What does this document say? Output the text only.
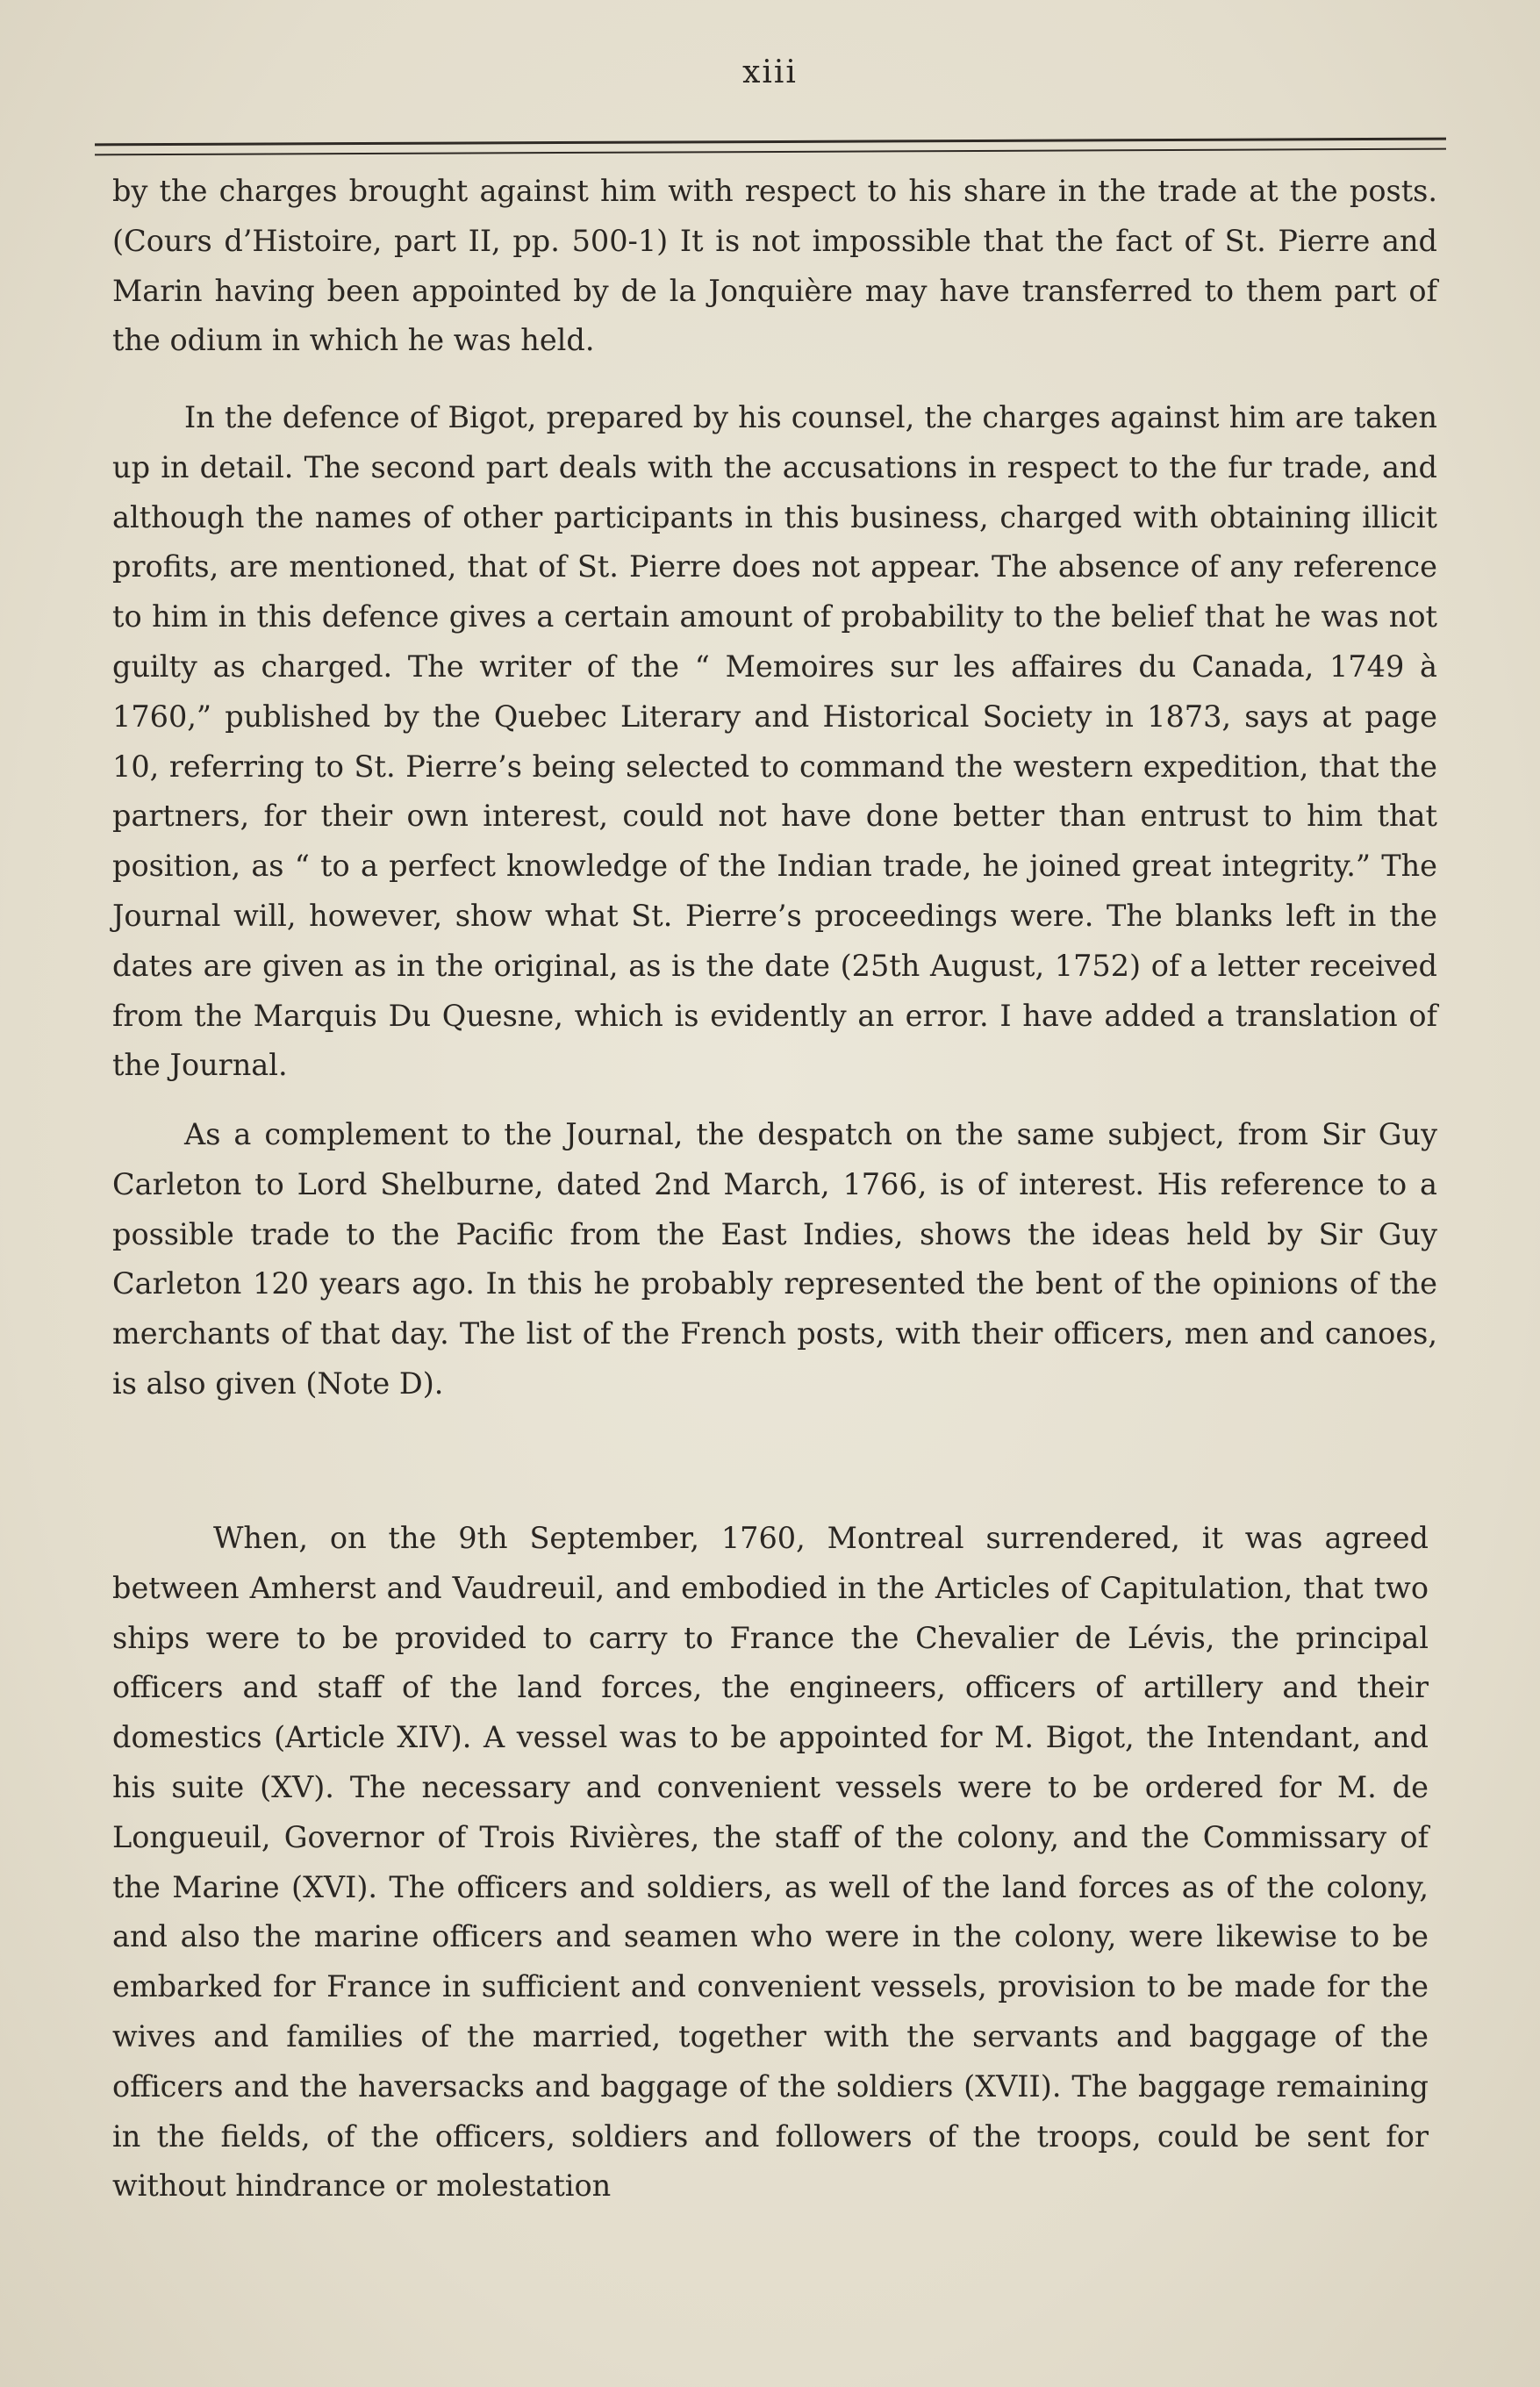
xiii

by the charges brought against him with respect to his share in the trade at the posts. (Cours d’Histoire, part II, pp. 500-1) It is not impossible that the fact of St. Pierre and Marin having been appointed by de la Jonquière may have transferred to them part of the odium in which he was held.

In the defence of Bigot, prepared by his counsel, the charges against him are taken up in detail. The second part deals with the accusations in respect to the fur trade, and although the names of other participants in this business, charged with obtaining illicit profits, are mentioned, that of St. Pierre does not appear. The absence of any reference to him in this defence gives a certain amount of probability to the belief that he was not guilty as charged. The writer of the “ Memoires sur les affaires du Canada, 1749 à 1760,” published by the Quebec Literary and Historical Society in 1873, says at page 10, referring to St. Pierre’s being selected to command the western expedition, that the partners, for their own interest, could not have done better than entrust to him that position, as “ to a perfect knowledge of the Indian trade, he joined great integrity.” The Journal will, however, show what St. Pierre’s proceedings were. The blanks left in the dates are given as in the original, as is the date (25th August, 1752) of a letter received from the Marquis Du Quesne, which is evidently an error. I have added a translation of the Journal.

As a complement to the Journal, the despatch on the same subject, from Sir Guy Carleton to Lord Shelburne, dated 2nd March, 1766, is of interest. His reference to a possible trade to the Pacific from the East Indies, shows the ideas held by Sir Guy Carleton 120 years ago. In this he probably represented the bent of the opinions of the merchants of that day. The list of the French posts, with their officers, men and canoes, is also given (Note D).

When, on the 9th September, 1760, Montreal surrendered, it was agreed between Amherst and Vaudreuil, and embodied in the Articles of Capitulation, that two ships were to be provided to carry to France the Chevalier de Lévis, the principal officers and staff of the land forces, the engineers, officers of artillery and their domestics (Article XIV). A vessel was to be appointed for M. Bigot, the Intendant, and his suite (XV). The necessary and convenient vessels were to be ordered for M. de Longueuil, Governor of Trois Rivières, the staff of the colony, and the Commissary of the Marine (XVI). The officers and soldiers, as well of the land forces as of the colony, and also the marine officers and seamen who were in the colony, were likewise to be embarked for France in sufficient and convenient vessels, provision to be made for the wives and families of the married, together with the servants and baggage of the officers and the haversacks and baggage of the soldiers (XVII). The baggage remaining in the fields, of the officers, soldiers and followers of the troops, could be sent for without hindrance or molestation
